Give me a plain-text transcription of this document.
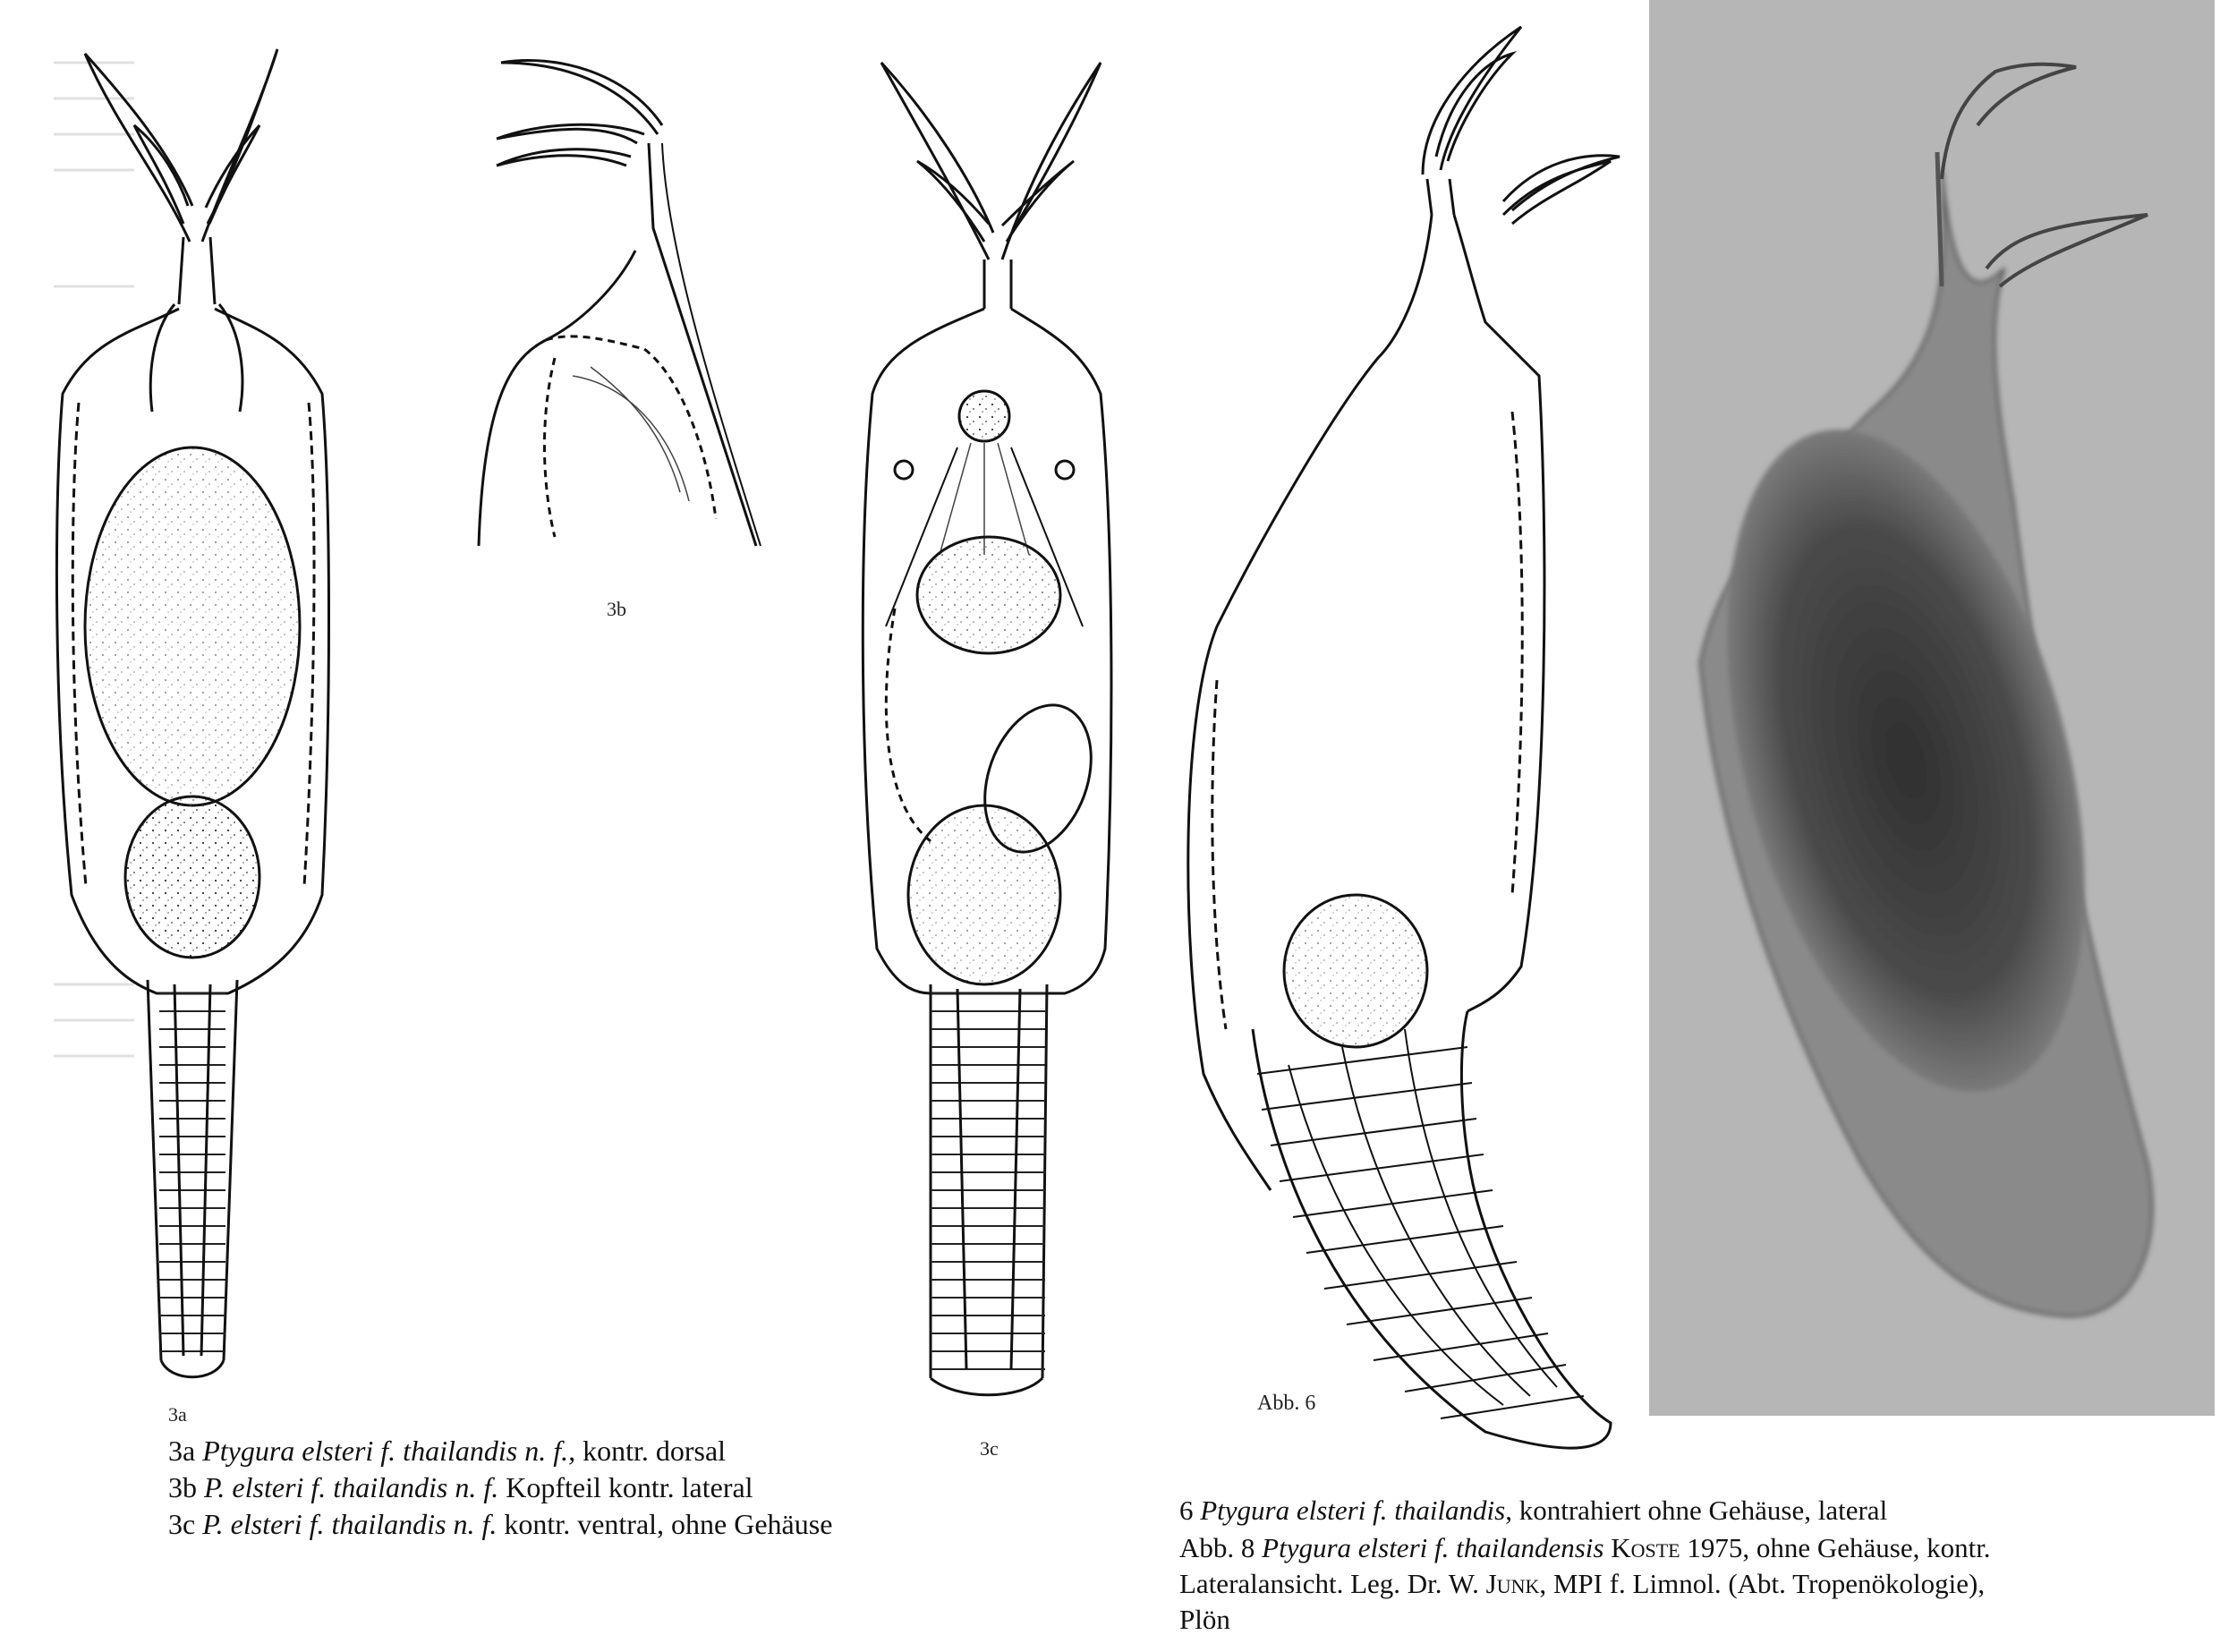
3a
3b
3c
Abb. 6

3a Ptygura elsteri f. thailandis n. f., kontr. dorsal

3b P. elsteri f. thailandis n. f. Kopfteil kontr. lateral

3c P. elsteri f. thailandis n. f. kontr. ventral, ohne Gehäuse	6 Ptygura elsteri f. thailandis, kontrahiert ohne Gehäuse, lateral

Abb. 8 Ptygura elsteri f. thailandensis Koste 1975, ohne Gehäuse, kontr.

Lateralansicht. Leg. Dr. W. Junk, MPI f. Limnol. (Abt. Tropenökologie),

Plön
